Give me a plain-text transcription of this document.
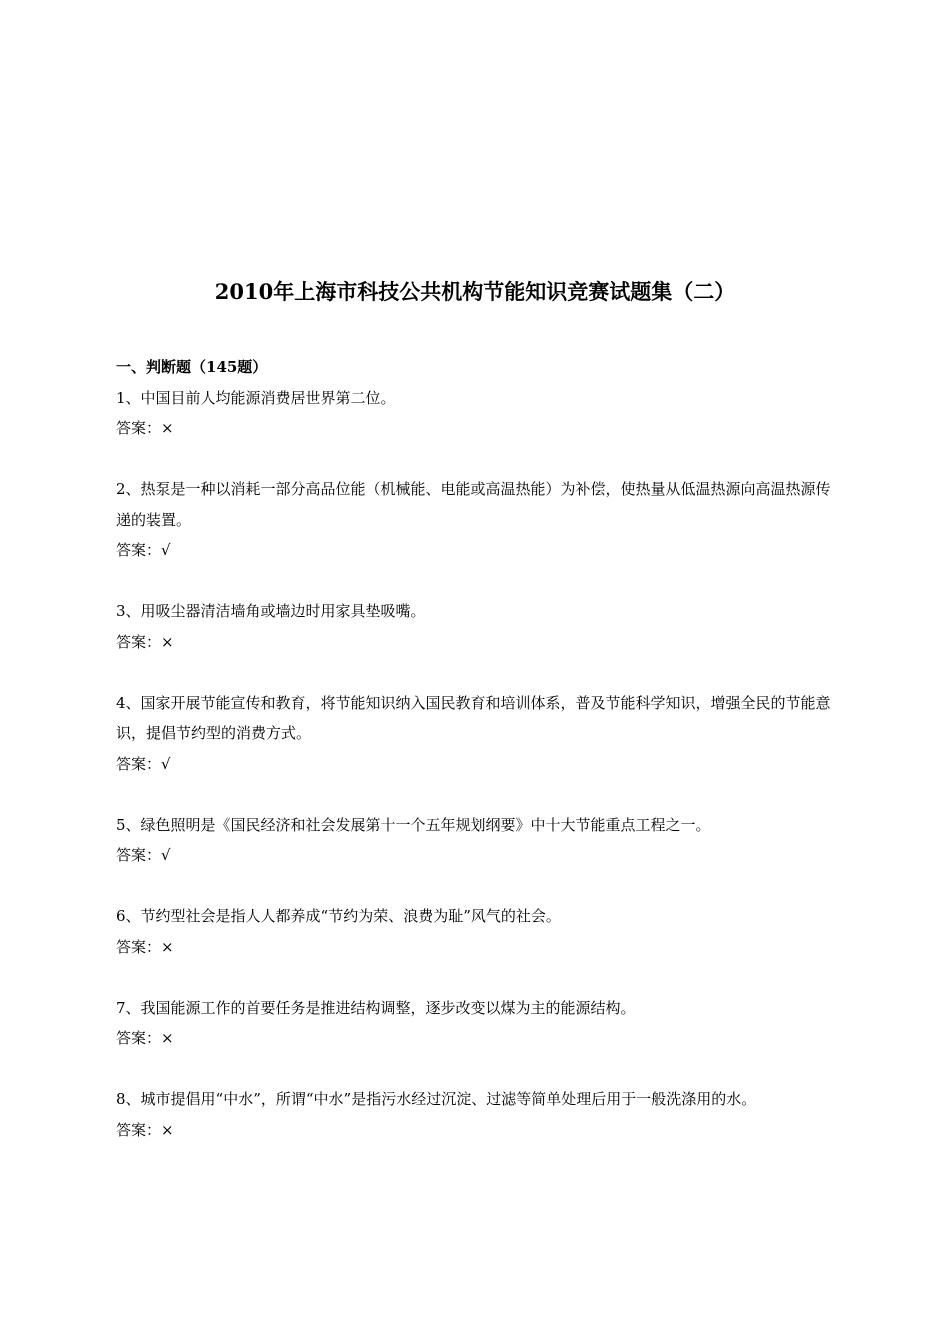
2010年上海市科技公共机构节能知识竞赛试题集（二）

一、判断题（145题）

1、中国目前人均能源消费居世界第二位。

答案：×

2、热泵是一种以消耗一部分高品位能（机械能、电能或高温热能）为补偿，使热量从低温热源向高温热源传递的装置。

答案：√

3、用吸尘器清洁墙角或墙边时用家具垫吸嘴。

答案：×

4、国家开展节能宣传和教育，将节能知识纳入国民教育和培训体系，普及节能科学知识，增强全民的节能意识，提倡节约型的消费方式。

答案：√

5、绿色照明是《国民经济和社会发展第十一个五年规划纲要》中十大节能重点工程之一。

答案：√

6、节约型社会是指人人都养成“节约为荣、浪费为耻”风气的社会。

答案：×

7、我国能源工作的首要任务是推进结构调整，逐步改变以煤为主的能源结构。

答案：×

8、城市提倡用“中水”，所谓“中水”是指污水经过沉淀、过滤等简单处理后用于一般洗涤用的水。

答案：×
